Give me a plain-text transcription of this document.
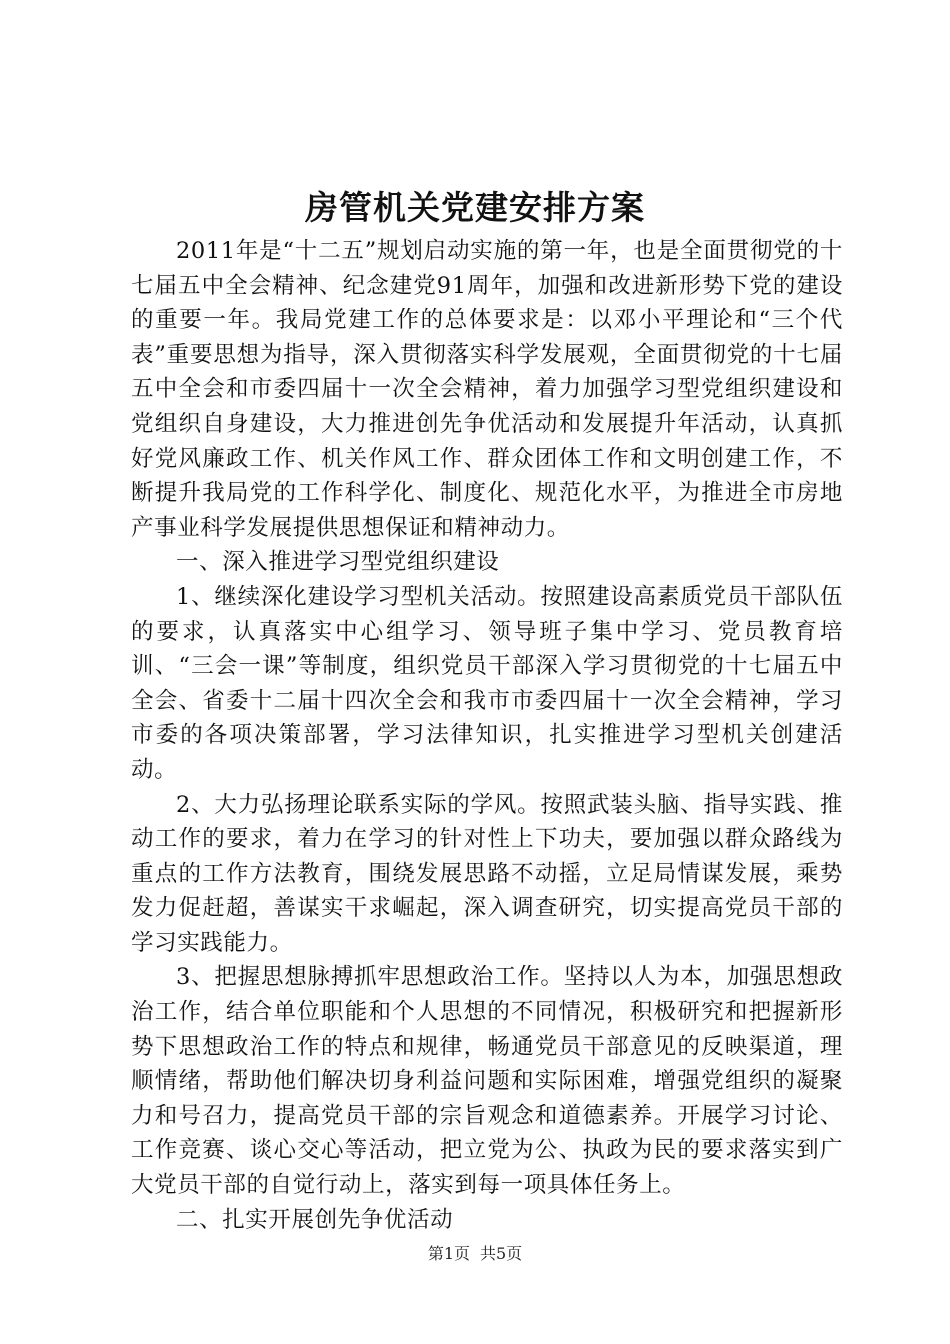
房管机关党建安排方案

2011年是“十二五”规划启动实施的第一年，也是全面贯彻党的十七届五中全会精神、纪念建党91周年，加强和改进新形势下党的建设的重要一年。我局党建工作的总体要求是：以邓小平理论和“三个代表”重要思想为指导，深入贯彻落实科学发展观，全面贯彻党的十七届五中全会和市委四届十一次全会精神，着力加强学习型党组织建设和党组织自身建设，大力推进创先争优活动和发展提升年活动，认真抓好党风廉政工作、机关作风工作、群众团体工作和文明创建工作，不断提升我局党的工作科学化、制度化、规范化水平，为推进全市房地产事业科学发展提供思想保证和精神动力。

一、深入推进学习型党组织建设

1、继续深化建设学习型机关活动。按照建设高素质党员干部队伍的要求，认真落实中心组学习、领导班子集中学习、党员教育培训、“三会一课”等制度，组织党员干部深入学习贯彻党的十七届五中全会、省委十二届十四次全会和我市市委四届十一次全会精神，学习市委的各项决策部署，学习法律知识，扎实推进学习型机关创建活动。

2、大力弘扬理论联系实际的学风。按照武装头脑、指导实践、推动工作的要求，着力在学习的针对性上下功夫，要加强以群众路线为重点的工作方法教育，围绕发展思路不动摇，立足局情谋发展，乘势发力促赶超，善谋实干求崛起，深入调查研究，切实提高党员干部的学习实践能力。

3、把握思想脉搏抓牢思想政治工作。坚持以人为本，加强思想政治工作，结合单位职能和个人思想的不同情况，积极研究和把握新形势下思想政治工作的特点和规律，畅通党员干部意见的反映渠道，理顺情绪，帮助他们解决切身利益问题和实际困难，增强党组织的凝聚力和号召力，提高党员干部的宗旨观念和道德素养。开展学习讨论、工作竞赛、谈心交心等活动，把立党为公、执政为民的要求落实到广大党员干部的自觉行动上，落实到每一项具体任务上。

二、扎实开展创先争优活动

第1页 共5页
